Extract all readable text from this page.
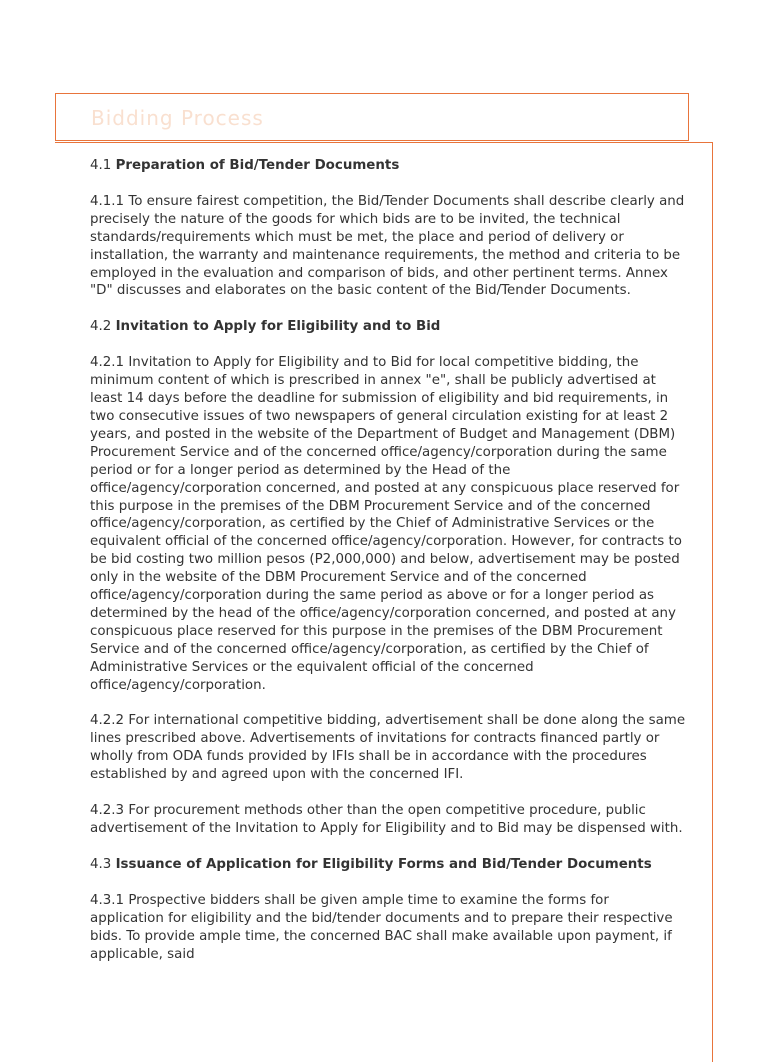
Bidding Process
4.1 Preparation of Bid/Tender Documents

4.1.1 To ensure fairest competition, the Bid/Tender Documents shall describe clearly and precisely the nature of the goods for which bids are to be invited, the technical standards/requirements which must be met, the place and period of delivery or installation, the warranty and maintenance requirements, the method and criteria to be employed in the evaluation and comparison of bids, and other pertinent terms. Annex "D" discusses and elaborates on the basic content of the Bid/Tender Documents.

4.2 Invitation to Apply for Eligibility and to Bid

4.2.1 Invitation to Apply for Eligibility and to Bid for local competitive bidding, the minimum content of which is prescribed in annex "e", shall be publicly advertised at least 14 days before the deadline for submission of eligibility and bid requirements, in two consecutive issues of two newspapers of general circulation existing for at least 2 years, and posted in the website of the Department of Budget and Management (DBM) Procurement Service and of the concerned office/agency/corporation during the same period or for a longer period as determined by the Head of the office/agency/corporation concerned, and posted at any conspicuous place reserved for this purpose in the premises of the DBM Procurement Service and of the concerned office/agency/corporation, as certified by the Chief of Administrative Services or the equivalent official of the concerned office/agency/corporation. However, for contracts to be bid costing two million pesos (P2,000,000) and below, advertisement may be posted only in the website of the DBM Procurement Service and of the concerned office/agency/corporation during the same period as above or for a longer period as determined by the head of the office/agency/corporation concerned, and posted at any conspicuous place reserved for this purpose in the premises of the DBM Procurement Service and of the concerned office/agency/corporation, as certified by the Chief of Administrative Services or the equivalent official of the concerned office/agency/corporation.

4.2.2 For international competitive bidding, advertisement shall be done along the same lines prescribed above. Advertisements of invitations for contracts financed partly or wholly from ODA funds provided by IFIs shall be in accordance with the procedures established by and agreed upon with the concerned IFI.

4.2.3 For procurement methods other than the open competitive procedure, public advertisement of the Invitation to Apply for Eligibility and to Bid may be dispensed with.

4.3 Issuance of Application for Eligibility Forms and Bid/Tender Documents

4.3.1 Prospective bidders shall be given ample time to examine the forms for application for eligibility and the bid/tender documents and to prepare their respective bids. To provide ample time, the concerned BAC shall make available upon payment, if applicable, said
